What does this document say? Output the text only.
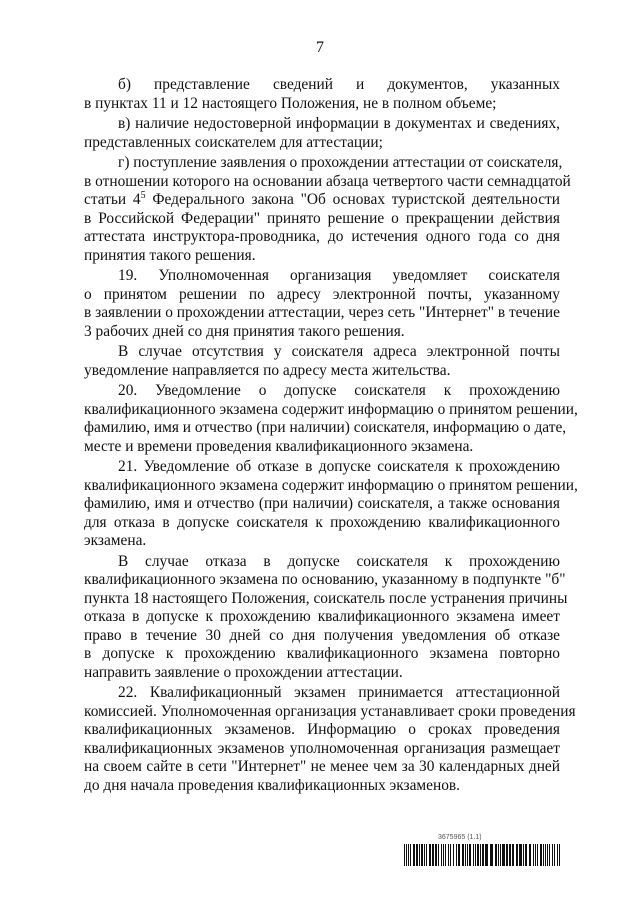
7

б) представление сведений и документов, указанных
в пунктах 11 и 12 настоящего Положения, не в полном объеме;

в) наличие недостоверной информации в документах и сведениях,
представленных соискателем для аттестации;

г) поступление заявления о прохождении аттестации от соискателя,
в отношении которого на основании абзаца четвертого части семнадцатой
статьи $4^5$ Федерального закона "Об основах туристской деятельности
в Российской Федерации" принято решение о прекращении действия
аттестата инструктора-проводника, до истечения одного года со дня
принятия такого решения.

19. Уполномоченная организация уведомляет соискателя
о принятом решении по адресу электронной почты, указанному
в заявлении о прохождении аттестации, через сеть "Интернет" в течение
3 рабочих дней со дня принятия такого решения.

В случае отсутствия у соискателя адреса электронной почты
уведомление направляется по адресу места жительства.

20. Уведомление о допуске соискателя к прохождению
квалификационного экзамена содержит информацию о принятом решении,
фамилию, имя и отчество (при наличии) соискателя, информацию о дате,
месте и времени проведения квалификационного экзамена.

21. Уведомление об отказе в допуске соискателя к прохождению
квалификационного экзамена содержит информацию о принятом решении,
фамилию, имя и отчество (при наличии) соискателя, а также основания
для отказа в допуске соискателя к прохождению квалификационного
экзамена.

В случае отказа в допуске соискателя к прохождению
квалификационного экзамена по основанию, указанному в подпункте "б"
пункта 18 настоящего Положения, соискатель после устранения причины
отказа в допуске к прохождению квалификационного экзамена имеет
право в течение 30 дней со дня получения уведомления об отказе
в допуске к прохождению квалификационного экзамена повторно
направить заявление о прохождении аттестации.

22. Квалификационный экзамен принимается аттестационной
комиссией. Уполномоченная организация устанавливает сроки проведения
квалификационных экзаменов. Информацию о сроках проведения
квалификационных экзаменов уполномоченная организация размещает
на своем сайте в сети "Интернет" не менее чем за 30 календарных дней
до дня начала проведения квалификационных экзаменов.

3675965 (1.1)
